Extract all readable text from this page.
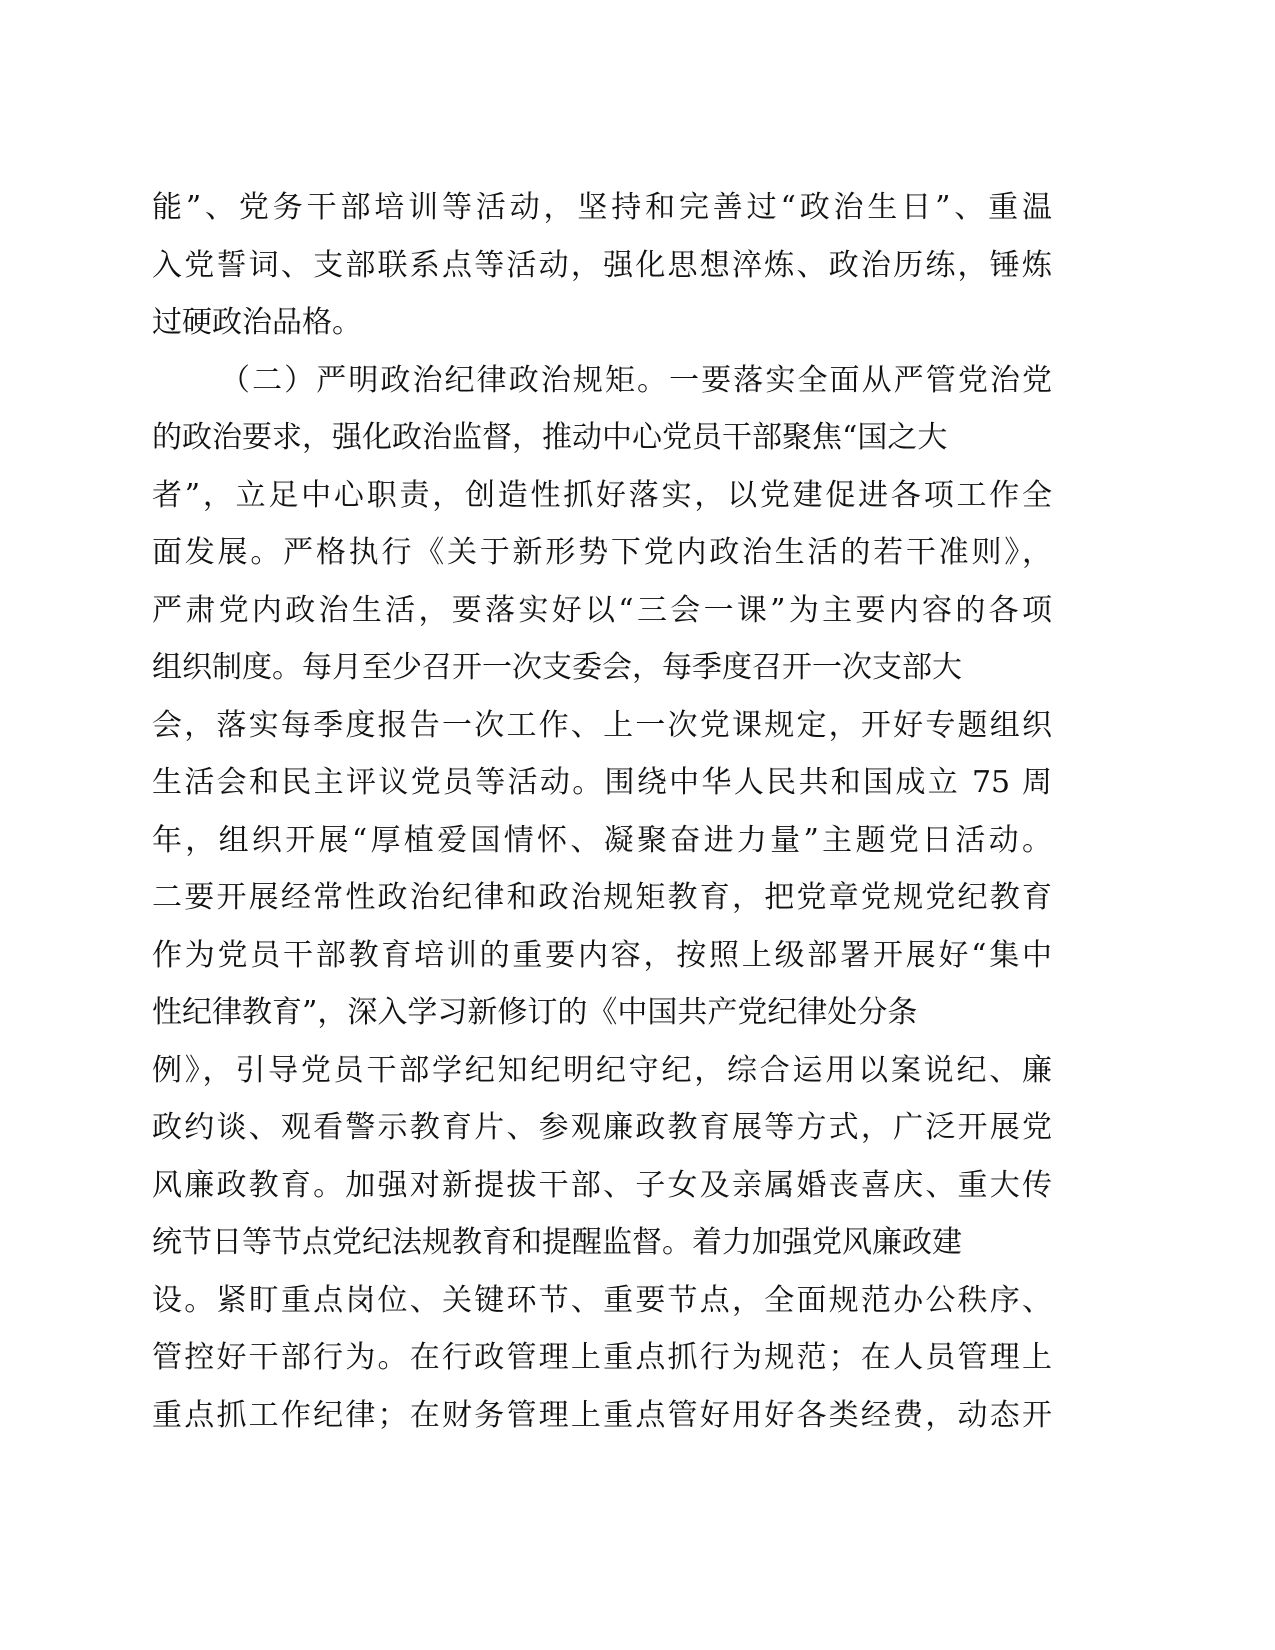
能”、党务干部培训等活动，坚持和完善过“政治生日”、重温
入党誓词、支部联系点等活动，强化思想淬炼、政治历练，锤炼
过硬政治品格。
（二）严明政治纪律政治规矩。一要落实全面从严管党治党
的政治要求，强化政治监督，推动中心党员干部聚焦“国之大
者”，立足中心职责，创造性抓好落实，以党建促进各项工作全
面发展。严格执行《关于新形势下党内政治生活的若干准则》，
严肃党内政治生活，要落实好以“三会一课”为主要内容的各项
组织制度。每月至少召开一次支委会，每季度召开一次支部大
会，落实每季度报告一次工作、上一次党课规定，开好专题组织
生活会和民主评议党员等活动。围绕中华人民共和国成立 75 周
年，组织开展“厚植爱国情怀、凝聚奋进力量”主题党日活动。
二要开展经常性政治纪律和政治规矩教育，把党章党规党纪教育
作为党员干部教育培训的重要内容，按照上级部署开展好“集中
性纪律教育”，深入学习新修订的《中国共产党纪律处分条
例》，引导党员干部学纪知纪明纪守纪，综合运用以案说纪、廉
政约谈、观看警示教育片、参观廉政教育展等方式，广泛开展党
风廉政教育。加强对新提拔干部、子女及亲属婚丧喜庆、重大传
统节日等节点党纪法规教育和提醒监督。着力加强党风廉政建
设。紧盯重点岗位、关键环节、重要节点，全面规范办公秩序、
管控好干部行为。在行政管理上重点抓行为规范；在人员管理上
重点抓工作纪律；在财务管理上重点管好用好各类经费，动态开
